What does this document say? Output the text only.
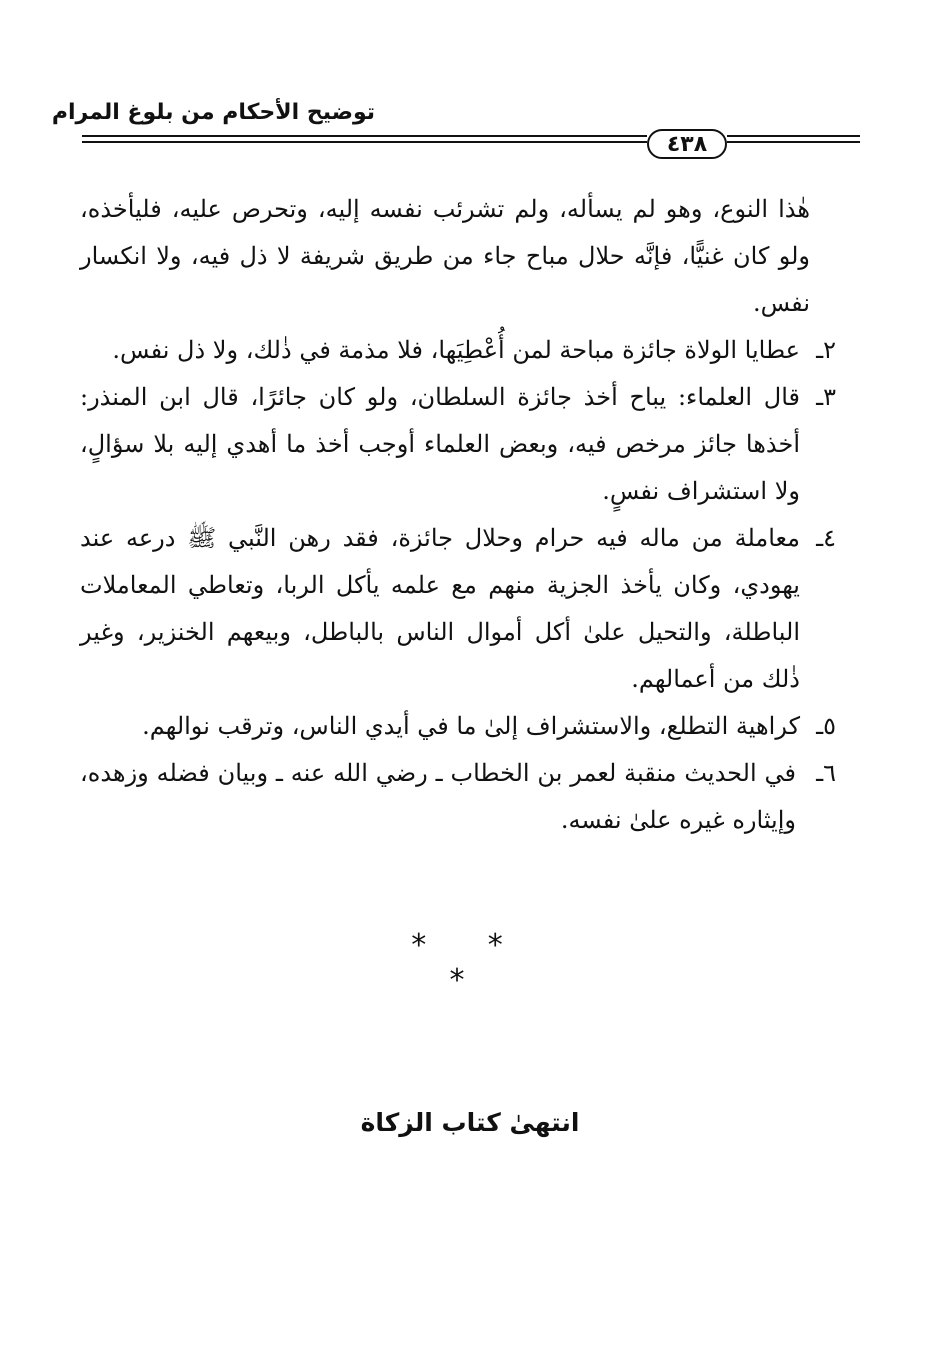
توضيح الأحكام من بلوغ المرام
٤٣٨

هٰذا النوع، وهو لم يسأله، ولم تشرئب نفسه إليه، وتحرص عليه، فليأخذه، ولو كان غنيًّا، فإنَّه حلال مباح جاء من طريق شريفة لا ذل فيه، ولا انكسار نفس.

٢ـ
عطايا الولاة جائزة مباحة لمن أُعْطِيَها، فلا مذمة في ذٰلك، ولا ذل نفس.

٣ـ
قال العلماء: يباح أخذ جائزة السلطان، ولو كان جائرًا، قال ابن المنذر: أخذها جائز مرخص فيه، وبعض العلماء أوجب أخذ ما أهدي إليه بلا سؤالٍ، ولا استشراف نفسٍ.

٤ـ
معاملة من ماله فيه حرام وحلال جائزة، فقد رهن النَّبي ﷺ درعه عند يهودي، وكان يأخذ الجزية منهم مع علمه يأكل الربا، وتعاطي المعاملات الباطلة، والتحيل علىٰ أكل أموال الناس بالباطل، وبيعهم الخنزير، وغير ذٰلك من أعمالهم.

٥ـ
كراهية التطلع، والاستشراف إلىٰ ما في أيدي الناس، وترقب نوالهم.

٦ـ
في الحديث منقبة لعمر بن الخطاب ـ رضي الله عنه ـ وبيان فضله وزهده، وإيثاره غيره علىٰ نفسه.

* * *
انتهىٰ كتاب الزكاة
